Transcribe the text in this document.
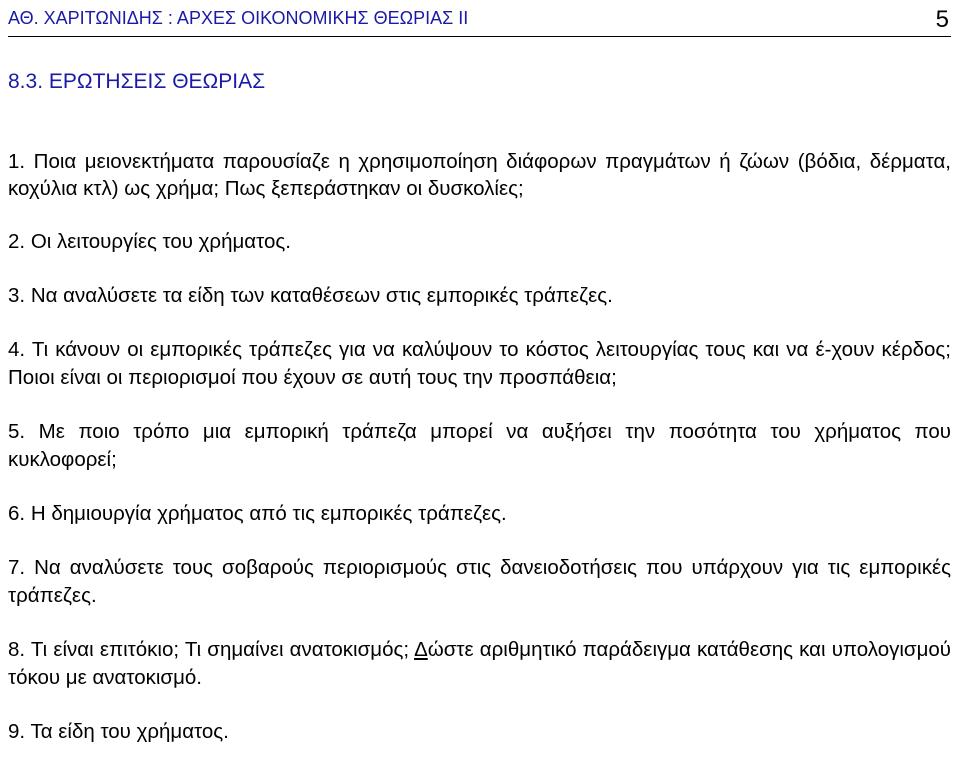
ΑΘ. ΧΑΡΙΤΩΝΙΔΗΣ : ΑΡΧΕΣ ΟΙΚΟΝΟΜΙΚΗΣ ΘΕΩΡΙΑΣ II	5
8.3. ΕΡΩΤΗΣΕΙΣ ΘΕΩΡΙΑΣ
1. Ποια μειονεκτήματα παρουσίαζε η χρησιμοποίηση διάφορων πραγμάτων ή ζώων (βόδια, δέρματα, κοχύλια κτλ) ως χρήμα; Πως ξεπεράστηκαν οι δυσκολίες;
2. Οι λειτουργίες του χρήματος.
3. Να αναλύσετε τα είδη των καταθέσεων στις εμπορικές τράπεζες.
4. Τι κάνουν οι εμπορικές τράπεζες για να καλύψουν το κόστος λειτουργίας τους και να έ-χουν κέρδος; Ποιοι είναι οι περιορισμοί που έχουν σε αυτή τους την προσπάθεια;
5. Με ποιο τρόπο μια εμπορική τράπεζα μπορεί να αυξήσει την ποσότητα του χρήματος που κυκλοφορεί;
6. Η δημιουργία χρήματος από τις εμπορικές τράπεζες.
7. Να αναλύσετε τους σοβαρούς περιορισμούς στις δανειοδοτήσεις που υπάρχουν για τις εμπορικές τράπεζες.
8. Τι είναι επιτόκιο; Τι σημαίνει ανατοκισμός; Δώστε αριθμητικό παράδειγμα κατάθεσης και υπολογισμού τόκου με ανατοκισμό.
9. Τα είδη του χρήματος.
